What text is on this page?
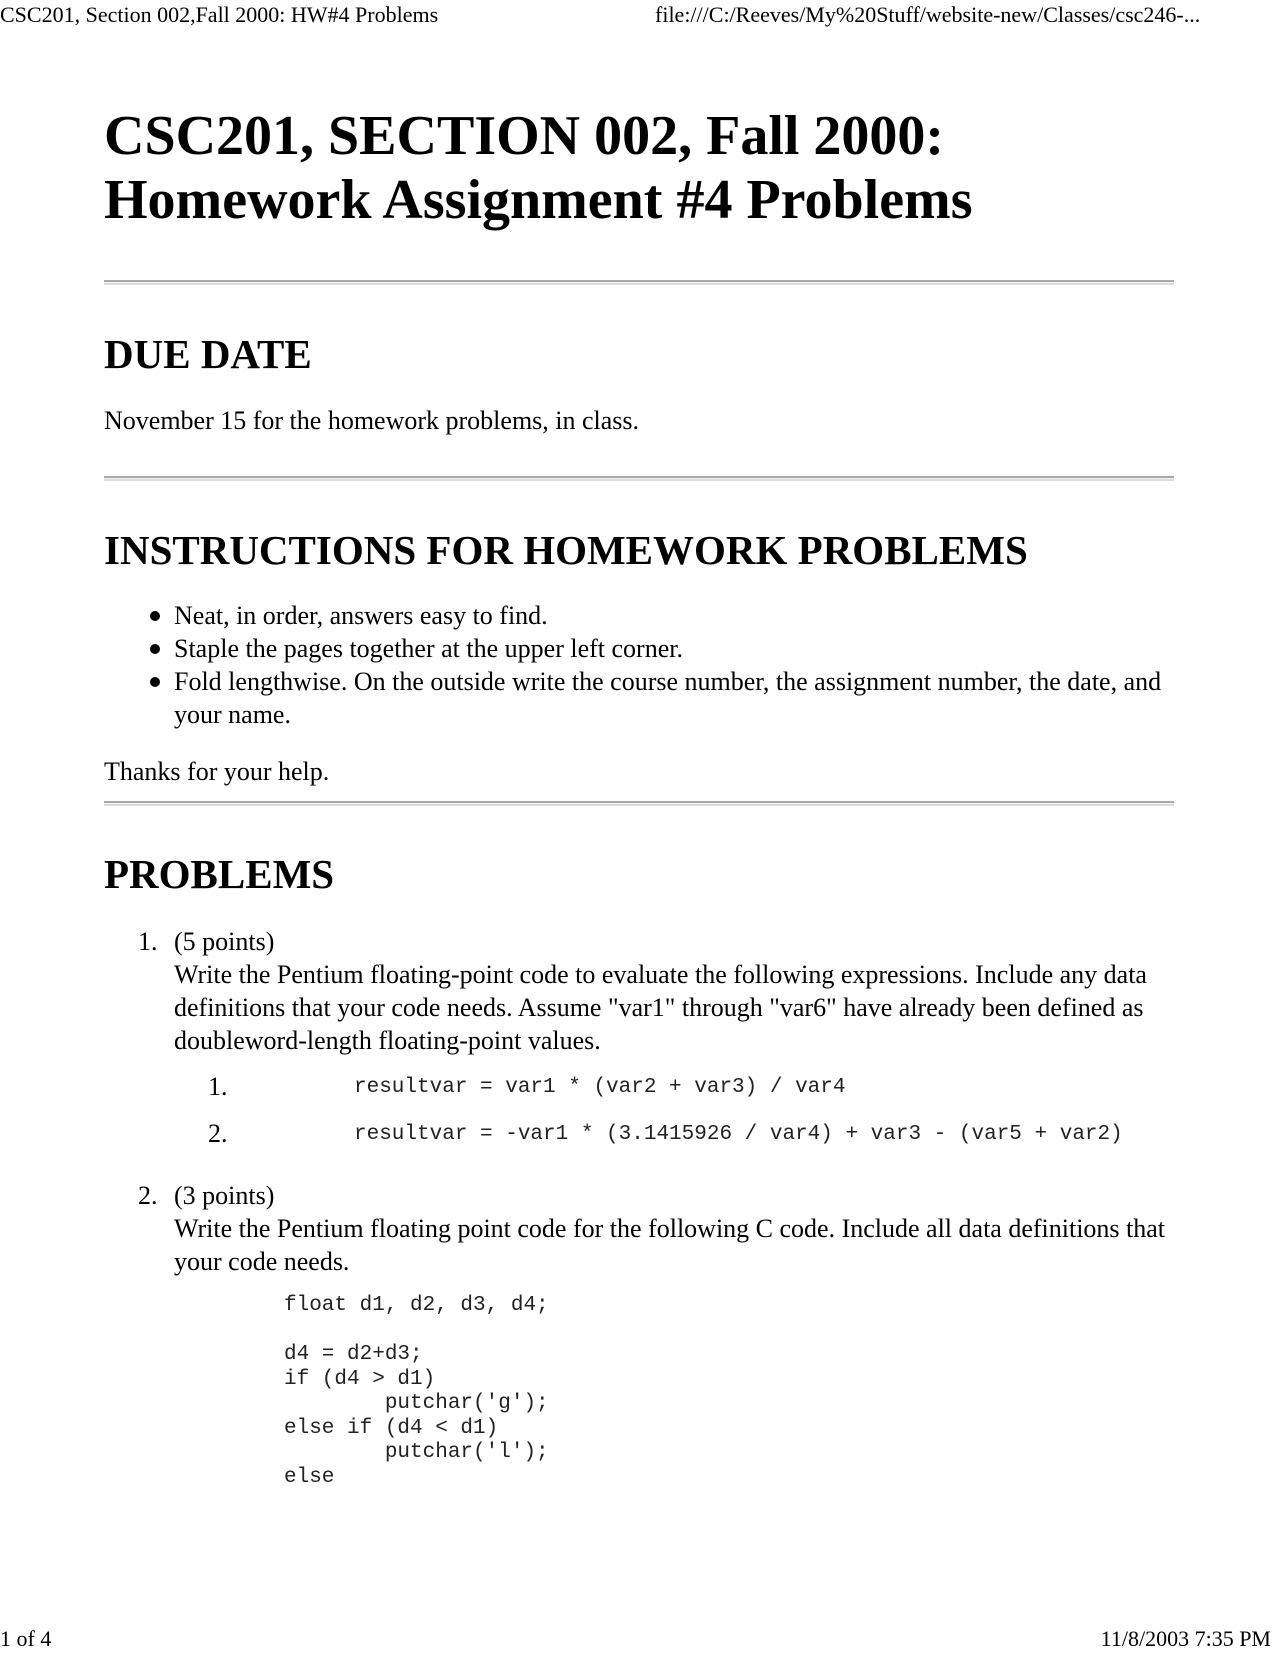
CSC201, Section 002,Fall 2000: HW#4 Problems	file:///C:/Reeves/My%20Stuff/website-new/Classes/csc246-...
CSC201, SECTION 002, Fall 2000:
Homework Assignment #4 Problems
DUE DATE

November 15 for the homework problems, in class.

INSTRUCTIONS FOR HOMEWORK PROBLEMS
Neat, in order, answers easy to find.
Staple the pages together at the upper left corner.
Fold lengthwise. On the outside write the course number, the assignment number, the date, and your name.

Thanks for your help.

PROBLEMS
1. (5 points)
Write the Pentium floating-point code to evaluate the following expressions. Include any data definitions that your code needs. Assume "var1" through "var6" have already been defined as doubleword-length floating-point values.
1.	resultvar = var1 * (var2 + var3) / var4
2.	resultvar = -var1 * (3.1415926 / var4) + var3 - (var5 + var2)
2. (3 points)
Write the Pentium floating point code for the following C code. Include all data definitions that your code needs.
float d1, d2, d3, d4;

d4 = d2+d3;
if (d4 > d1)
putchar('g');
else if (d4 < d1)
putchar('l');
else
1 of 4	11/8/2003 7:35 PM
